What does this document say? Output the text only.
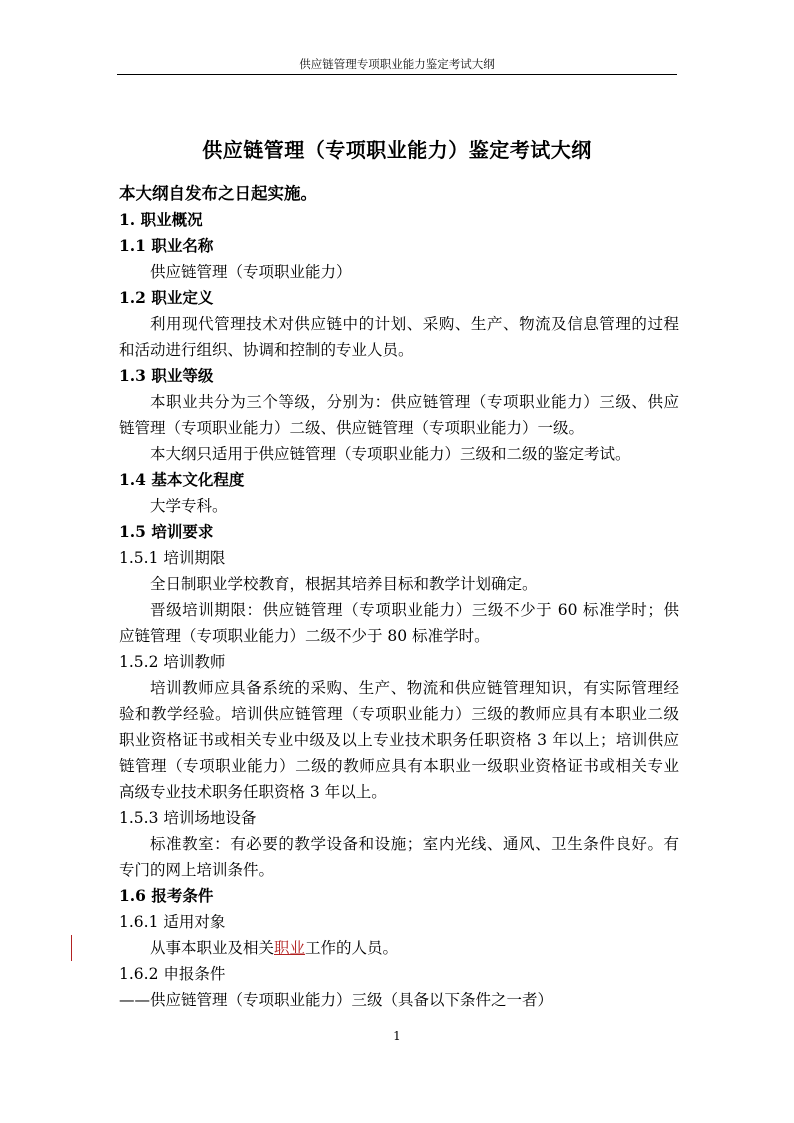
供应链管理专项职业能力鉴定考试大纲
供应链管理（专项职业能力）鉴定考试大纲
本大纲自发布之日起实施。
1. 职业概况
1.1 职业名称
供应链管理（专项职业能力）
1.2 职业定义
利用现代管理技术对供应链中的计划、采购、生产、物流及信息管理的过程
和活动进行组织、协调和控制的专业人员。
1.3 职业等级
本职业共分为三个等级，分别为：供应链管理（专项职业能力）三级、供应
链管理（专项职业能力）二级、供应链管理（专项职业能力）一级。
本大纲只适用于供应链管理（专项职业能力）三级和二级的鉴定考试。
1.4 基本文化程度
大学专科。
1.5 培训要求
1.5.1 培训期限
全日制职业学校教育，根据其培养目标和教学计划确定。
晋级培训期限：供应链管理（专项职业能力）三级不少于 60 标准学时；供
应链管理（专项职业能力）二级不少于 80 标准学时。
1.5.2 培训教师
培训教师应具备系统的采购、生产、物流和供应链管理知识，有实际管理经
验和教学经验。培训供应链管理（专项职业能力）三级的教师应具有本职业二级
职业资格证书或相关专业中级及以上专业技术职务任职资格 3 年以上；培训供应
链管理（专项职业能力）二级的教师应具有本职业一级职业资格证书或相关专业
高级专业技术职务任职资格 3 年以上。
1.5.3 培训场地设备
标准教室：有必要的教学设备和设施；室内光线、通风、卫生条件良好。有
专门的网上培训条件。
1.6 报考条件
1.6.1 适用对象
从事本职业及相关职业工作的人员。
1.6.2 申报条件
——供应链管理（专项职业能力）三级（具备以下条件之一者）
1
